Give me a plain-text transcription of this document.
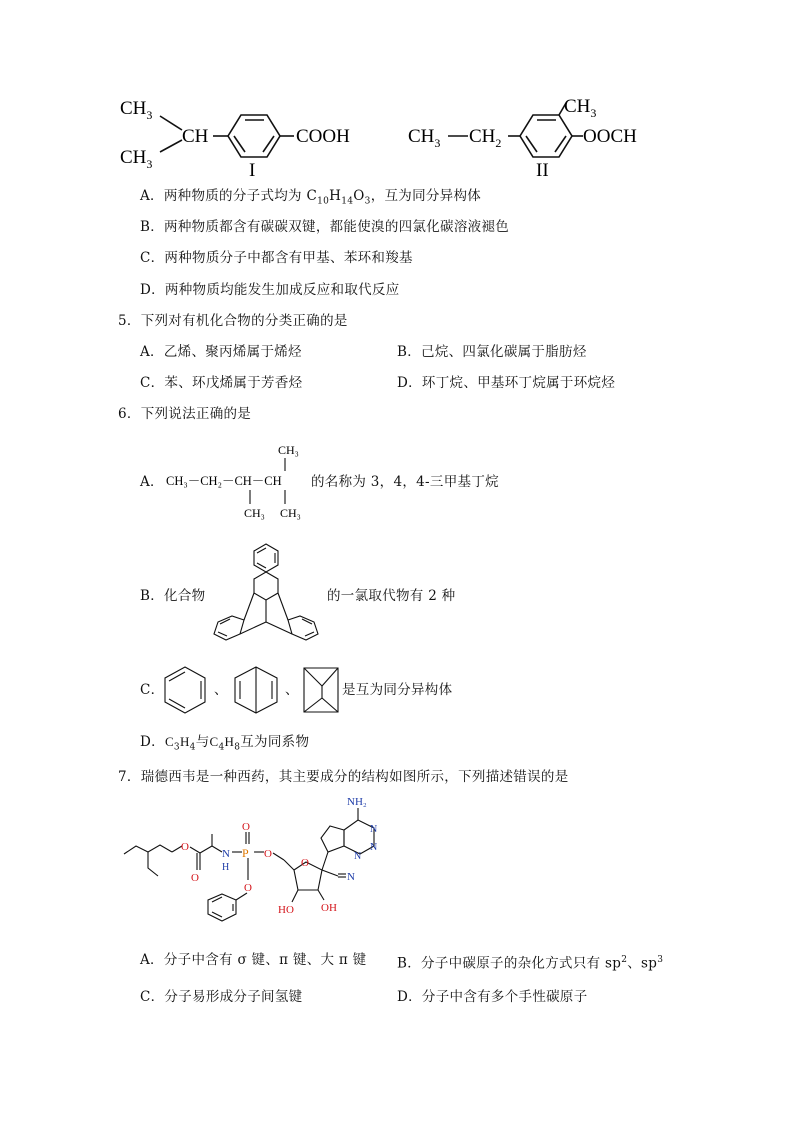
$CH_3$
$CH_3$
CH	COOH
I
$CH_3$ $CH_2$
$CH_3$
OOCH
II
A．两种物质的分子式均为 $C_{10}H_{14}O_3$，互为同分异构体
B．两种物质都含有碳碳双键，都能使溴的四氯化碳溶液褪色
C．两种物质分子中都含有甲基、苯环和羧基
D．两种物质均能发生加成反应和取代反应
5．下列对有机化合物的分类正确的是
A．乙烯、聚丙烯属于烯烃	B．己烷、四氯化碳属于脂肪烃
C．苯、环戊烯属于芳香烃	D．环丁烷、甲基环丁烷属于环烷烃
6．下列说法正确的是
A．
CH₃
CH₃－CH₂－CH－CH
CH₃ CH₃
的名称为 3，4，4-三甲基丁烷
B．化合物	的一氯取代物有 2 种
C．	、	、	是互为同分异构体
D．$C_3H_4$与$C_4H_8$互为同系物
7．瑞德西韦是一种西药，其主要成分的结构如图所示，下列描述错误的是
O
O
N
H
P
O
O
O
O
HO OH
N
N
N
N
NH₂
A．分子中含有 σ 键、π 键、大 π 键 B．分子中碳原子的杂化方式只有 $sp^2$、$sp^3$
C．分子易形成分子间氢键	D．分子中含有多个手性碳原子
